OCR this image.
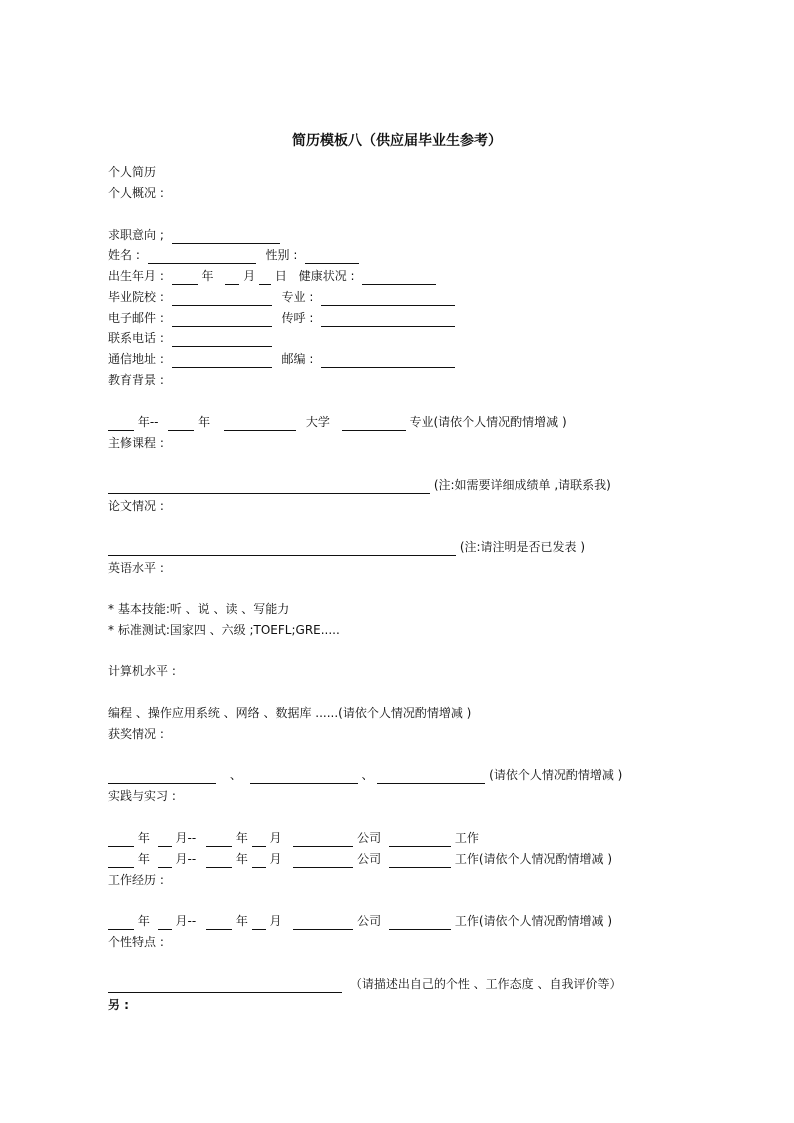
简历模板八（供应届毕业生参考）
个人简历
个人概况 :
求职意向 ;
姓名 :	性别 :
出生年月 :	年 月 日 健康状况 :
毕业院校 :	专业 :
电子邮件 :	传呼 :
联系电话 :
通信地址 :	邮编 :
教育背景 :
年--	年	大学	专业(请依个人情况酌情增减 )
主修课程 :
(注:如需要详细成绩单 ,请联系我)
论文情况 :
(注:请注明是否已发表 )
英语水平 :
* 基本技能:听 、说 、读 、写能力
* 标准测试:国家四 、六级 ;TOEFL;GRE.....
计算机水平 :
编程 、操作应用系统 、网络 、数据库 ......(请依个人情况酌情增减 )
获奖情况 :
、	、	(请依个人情况酌情增减 )
实践与实习 :
年 月--	年 月	公司	工作
年 月--	年 月	公司	工作(请依个人情况酌情增减 )
工作经历 :
年 月--	年 月	公司	工作(请依个人情况酌情增减 )
个性特点 :
（请描述出自己的个性 、工作态度 、自我评价等）
另 :
